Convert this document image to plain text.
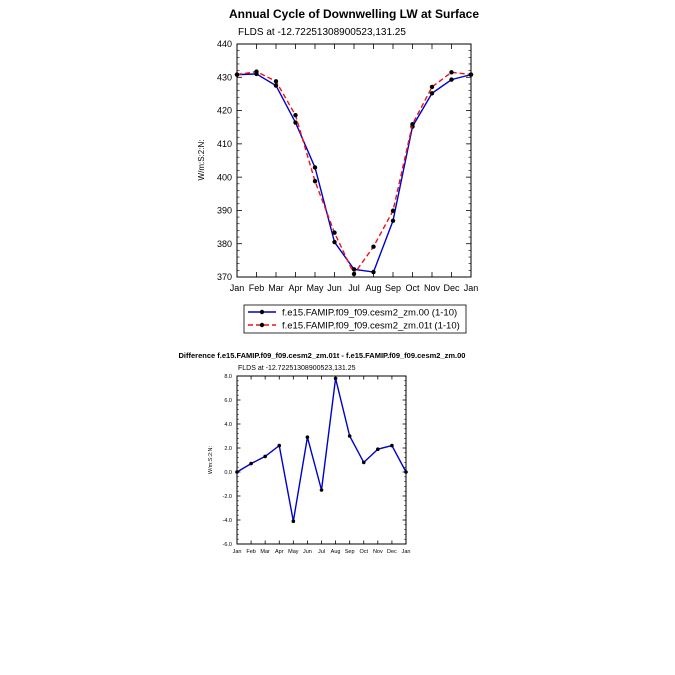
Annual Cycle of Downwelling LW at Surface
FLDS at -12.72251308900523,131.25
W/m:S:2:N:
Jan Feb Mar Apr May Jun Jul Aug Sep Oct Nov Dec Jan
370
380
390
400
410
420
430
440
f.e15.FAMIP.f09_f09.cesm2_zm.00 (1-10)
f.e15.FAMIP.f09_f09.cesm2_zm.01t (1-10)
Difference f.e15.FAMIP.f09_f09.cesm2_zm.01t - f.e15.FAMIP.f09_f09.cesm2_zm.00
FLDS at -12.72251308900523,131.25
W/m:S:2:N:
Jan Feb Mar Apr May Jun Jul Aug Sep Oct Nov Dec Jan
-6.0
-4.0
-2.0
0.0
2.0
4.0
6.0
8.0
